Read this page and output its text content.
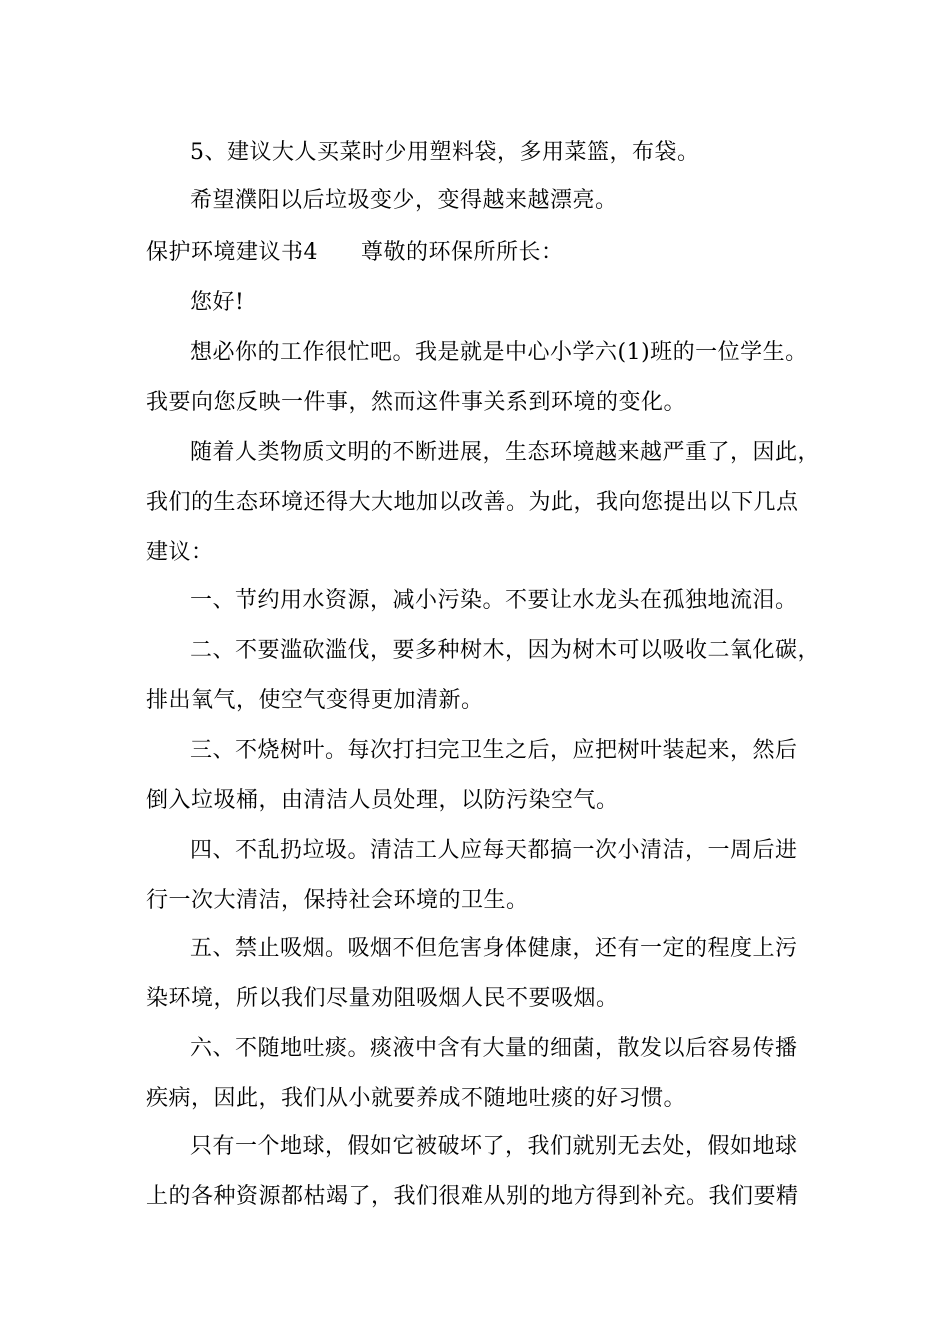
5、建议大人买菜时少用塑料袋，多用菜篮，布袋。
希望濮阳以后垃圾变少，变得越来越漂亮。
保护环境建议书4 尊敬的环保所所长：
您好!
想必你的工作很忙吧。我是就是中心小学六(1)班的一位学生。
我要向您反映一件事，然而这件事关系到环境的变化。
随着人类物质文明的不断进展，生态环境越来越严重了，因此，
我们的生态环境还得大大地加以改善。为此，我向您提出以下几点
建议：
一、节约用水资源，减小污染。不要让水龙头在孤独地流泪。
二、不要滥砍滥伐，要多种树木，因为树木可以吸收二氧化碳，
排出氧气，使空气变得更加清新。
三、不烧树叶。每次打扫完卫生之后，应把树叶装起来，然后
倒入垃圾桶，由清洁人员处理，以防污染空气。
四、不乱扔垃圾。清洁工人应每天都搞一次小清洁，一周后进
行一次大清洁，保持社会环境的卫生。
五、禁止吸烟。吸烟不但危害身体健康，还有一定的程度上污
染环境，所以我们尽量劝阻吸烟人民不要吸烟。
六、不随地吐痰。痰液中含有大量的细菌，散发以后容易传播
疾病，因此，我们从小就要养成不随地吐痰的好习惯。
只有一个地球，假如它被破坏了，我们就别无去处，假如地球
上的各种资源都枯竭了，我们很难从别的地方得到补充。我们要精
